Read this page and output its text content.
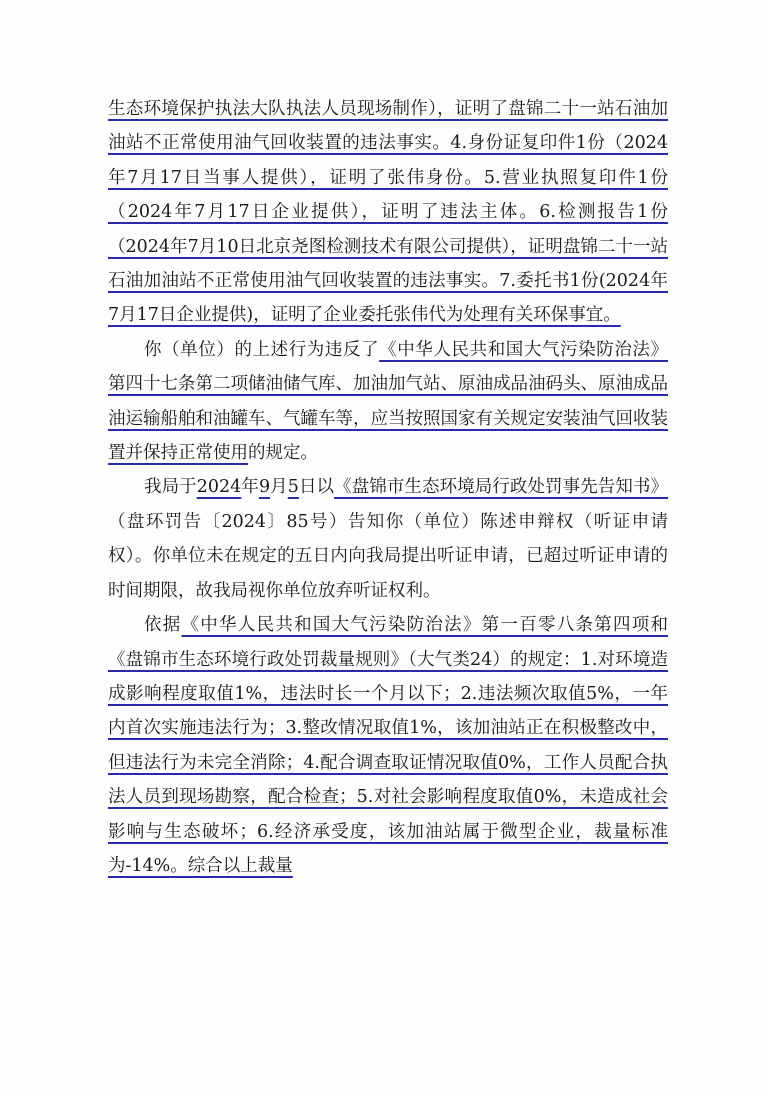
生态环境保护执法大队执法人员现场制作），证明了盘锦二十一站石油加油站不正常使用油气回收装置的违法事实。4.身份证复印件1份（2024年7月17日当事人提供），证明了张伟身份。5.营业执照复印件1份（2024年7月17日企业提供），证明了违法主体。6.检测报告1份（2024年7月10日北京尧图检测技术有限公司提供），证明盘锦二十一站石油加油站不正常使用油气回收装置的违法事实。7.委托书1份(2024年7月17日企业提供)，证明了企业委托张伟代为处理有关环保事宜。

你（单位）的上述行为违反了《中华人民共和国大气污染防治法》第四十七条第二项储油储气库、加油加气站、原油成品油码头、原油成品油运输船舶和油罐车、气罐车等，应当按照国家有关规定安装油气回收装置并保持正常使用的规定。

我局于2024年9月5日以《盘锦市生态环境局行政处罚事先告知书》（盘环罚告〔2024〕85号）告知你（单位）陈述申辩权（听证申请权）。你单位未在规定的五日内向我局提出听证申请，已超过听证申请的时间期限，故我局视你单位放弃听证权利。

依据《中华人民共和国大气污染防治法》第一百零八条第四项和《盘锦市生态环境行政处罚裁量规则》（大气类24）的规定：1.对环境造成影响程度取值1%，违法时长一个月以下；2.违法频次取值5%，一年内首次实施违法行为；3.整改情况取值1%，该加油站正在积极整改中，但违法行为未完全消除；4.配合调查取证情况取值0%，工作人员配合执法人员到现场勘察，配合检查；5.对社会影响程度取值0%，未造成社会影响与生态破坏；6.经济承受度，该加油站属于微型企业，裁量标准为-14%。综合以上裁量
